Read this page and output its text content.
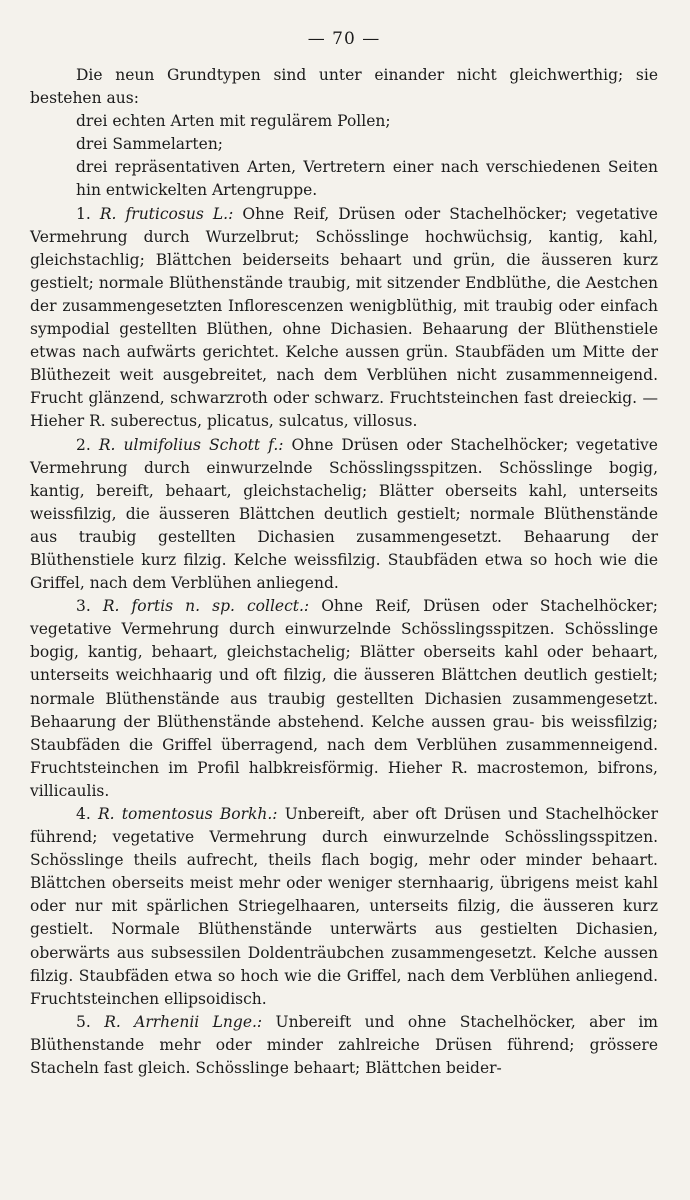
— 70 —

Die neun Grundtypen sind unter einander nicht gleichwerthig; sie bestehen aus:

drei echten Arten mit regulärem Pollen;

drei Sammelarten;

drei repräsentativen Arten, Vertretern einer nach verschiedenen Seiten hin entwickelten Artengruppe.

1. R. fruticosus L.: Ohne Reif, Drüsen oder Stachelhöcker; vegetative Vermehrung durch Wurzelbrut; Schösslinge hochwüchsig, kantig, kahl, gleichstachlig; Blättchen beiderseits behaart und grün, die äusseren kurz gestielt; normale Blüthenstände traubig, mit sitzender Endblüthe, die Aestchen der zusammengesetzten Inflorescenzen wenigblüthig, mit traubig oder einfach sympodial gestellten Blüthen, ohne Dichasien. Behaarung der Blüthenstiele etwas nach aufwärts gerichtet. Kelche aussen grün. Staubfäden um Mitte der Blüthezeit weit ausgebreitet, nach dem Verblühen nicht zusammenneigend. Frucht glänzend, schwarzroth oder schwarz. Fruchtsteinchen fast dreieckig. — Hieher R. suberectus, plicatus, sulcatus, villosus.

2. R. ulmifolius Schott f.: Ohne Drüsen oder Stachelhöcker; vegetative Vermehrung durch einwurzelnde Schösslingsspitzen. Schösslinge bogig, kantig, bereift, behaart, gleichstachelig; Blätter oberseits kahl, unterseits weissfilzig, die äusseren Blättchen deutlich gestielt; normale Blüthenstände aus traubig gestellten Dichasien zusammengesetzt. Behaarung der Blüthenstiele kurz filzig. Kelche weissfilzig. Staubfäden etwa so hoch wie die Griffel, nach dem Verblühen anliegend.

3. R. fortis n. sp. collect.: Ohne Reif, Drüsen oder Stachelhöcker; vegetative Vermehrung durch einwurzelnde Schösslingsspitzen. Schösslinge bogig, kantig, behaart, gleichstachelig; Blätter oberseits kahl oder behaart, unterseits weichhaarig und oft filzig, die äusseren Blättchen deutlich gestielt; normale Blüthenstände aus traubig gestellten Dichasien zusammengesetzt. Behaarung der Blüthenstände abstehend. Kelche aussen grau- bis weissfilzig; Staubfäden die Griffel überragend, nach dem Verblühen zusammenneigend. Fruchtsteinchen im Profil halbkreisförmig. Hieher R. macrostemon, bifrons, villicaulis.

4. R. tomentosus Borkh.: Unbereift, aber oft Drüsen und Stachelhöcker führend; vegetative Vermehrung durch einwurzelnde Schösslingsspitzen. Schösslinge theils aufrecht, theils flach bogig, mehr oder minder behaart. Blättchen oberseits meist mehr oder weniger sternhaarig, übrigens meist kahl oder nur mit spärlichen Striegelhaaren, unterseits filzig, die äusseren kurz gestielt. Normale Blüthenstände unterwärts aus gestielten Dichasien, oberwärts aus subsessilen Doldenträubchen zusammengesetzt. Kelche aussen filzig. Staubfäden etwa so hoch wie die Griffel, nach dem Verblühen anliegend. Fruchtsteinchen ellipsoidisch.

5. R. Arrhenii Lnge.: Unbereift und ohne Stachelhöcker, aber im Blüthenstande mehr oder minder zahlreiche Drüsen führend; grössere Stacheln fast gleich. Schösslinge behaart; Blättchen beider-
